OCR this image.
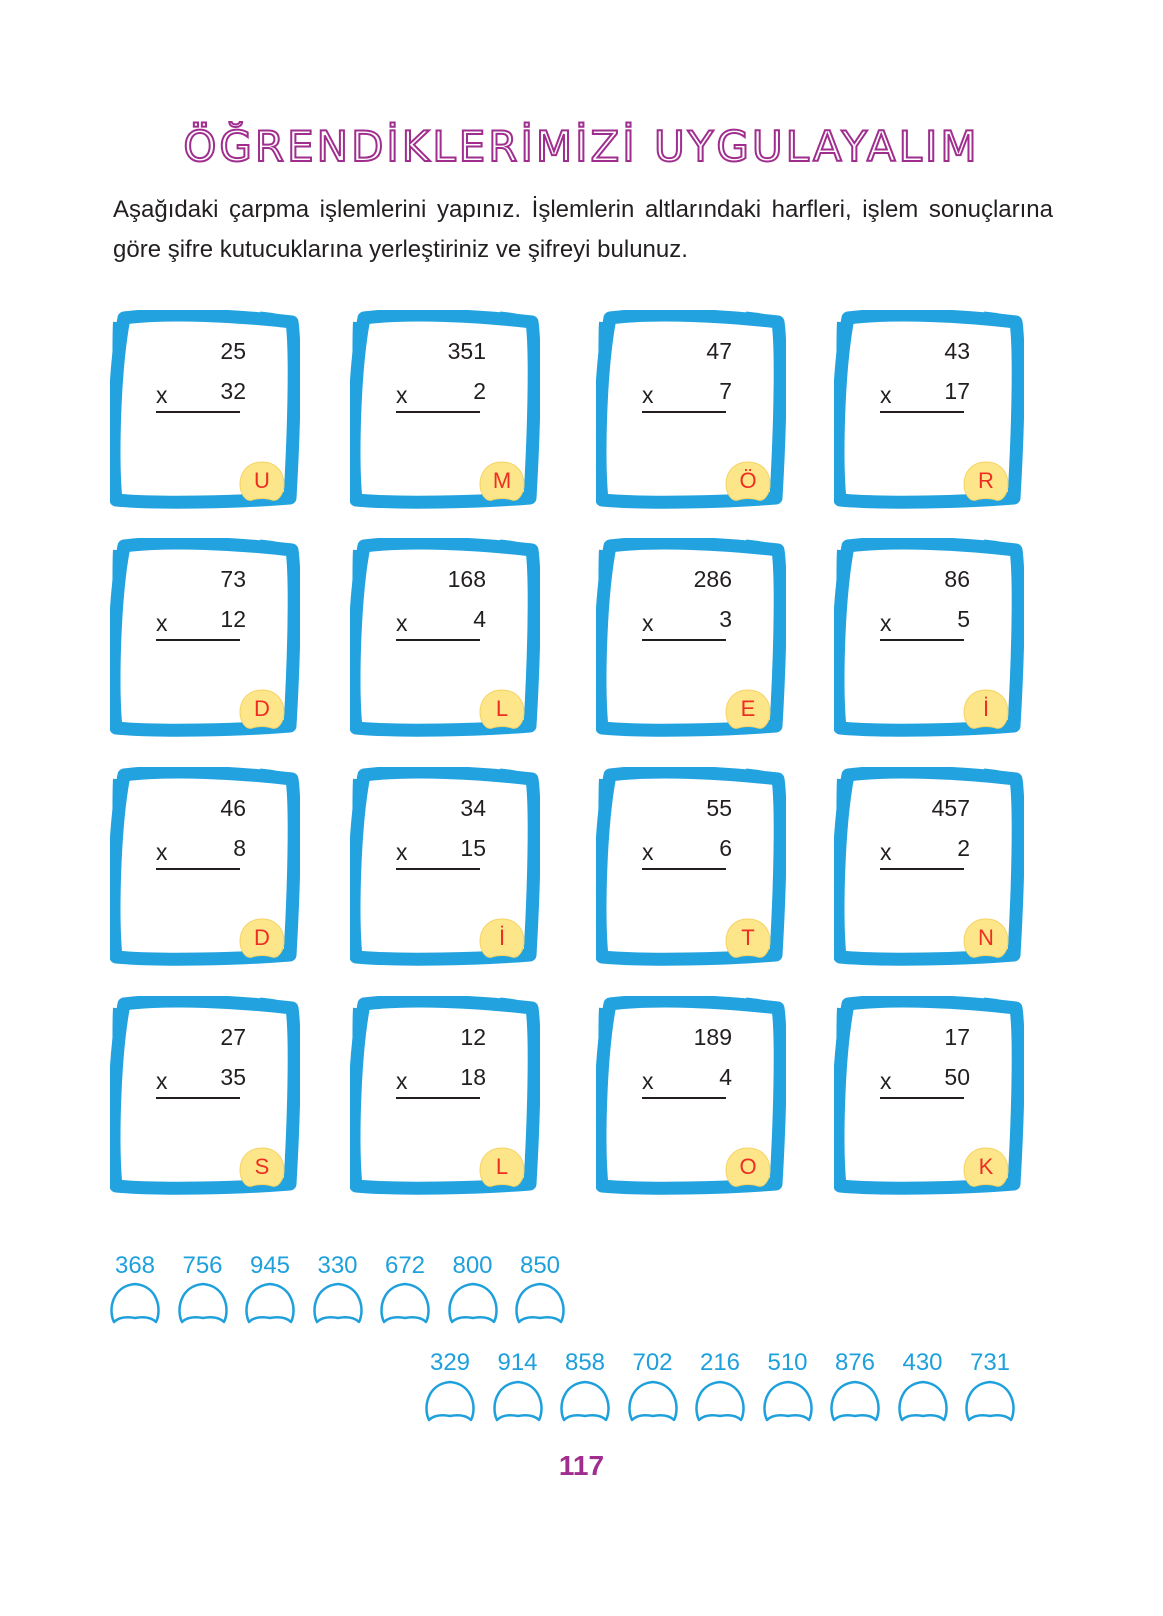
ÖĞRENDİKLERİMİZİ UYGULAYALIM
Aşağıdaki çarpma işlemlerini yapınız. İşlemlerin altlarındaki harfleri, işlem sonuçlarına göre şifre kutucuklarına yerleştiriniz ve şifreyi bulunuz.
25
x	32
U
351
x	2
M
47
x	7
Ö
43
x	17
R
73
x	12
D
168
x	4
L
286
x	3
E
86
x	5
İ
46
x	8
D
34
x	15
İ
55
x	6
T
457
x	2
N
27
x	35
S
12
x	18
L
189
x	4
O
17
x	50
K
368	756	945	330	672	800	850
329	914	858	702	216	510	876	430	731
117
